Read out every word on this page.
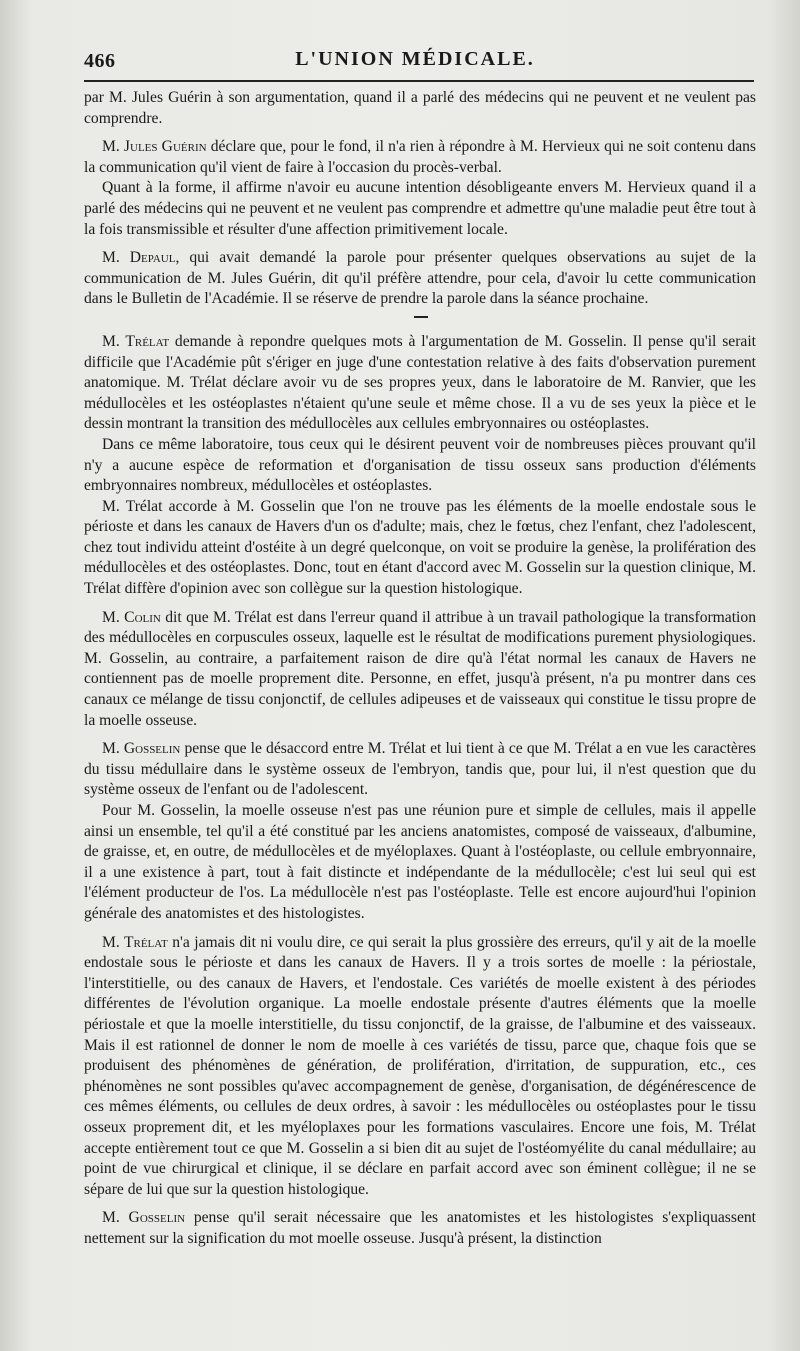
466	L'UNION MÉDICALE.

par M. Jules Guérin à son argumentation, quand il a parlé des médecins qui ne peuvent et ne veulent pas comprendre.

M. Jules Guérin déclare que, pour le fond, il n'a rien à répondre à M. Hervieux qui ne soit contenu dans la communication qu'il vient de faire à l'occasion du procès-verbal.

Quant à la forme, il affirme n'avoir eu aucune intention désobligeante envers M. Hervieux quand il a parlé des médecins qui ne peuvent et ne veulent pas comprendre et admettre qu'une maladie peut être tout à la fois transmissible et résulter d'une affection primitivement locale.

M. Depaul, qui avait demandé la parole pour présenter quelques observations au sujet de la communication de M. Jules Guérin, dit qu'il préfère attendre, pour cela, d'avoir lu cette communication dans le Bulletin de l'Académie. Il se réserve de prendre la parole dans la séance prochaine.

M. Trélat demande à repondre quelques mots à l'argumentation de M. Gosselin. Il pense qu'il serait difficile que l'Académie pût s'ériger en juge d'une contestation relative à des faits d'observation purement anatomique. M. Trélat déclare avoir vu de ses propres yeux, dans le laboratoire de M. Ranvier, que les médullocèles et les ostéoplastes n'étaient qu'une seule et même chose. Il a vu de ses yeux la pièce et le dessin montrant la transition des médullocèles aux cellules embryonnaires ou ostéoplastes.

Dans ce même laboratoire, tous ceux qui le désirent peuvent voir de nombreuses pièces prouvant qu'il n'y a aucune espèce de reformation et d'organisation de tissu osseux sans production d'éléments embryonnaires nombreux, médullocèles et ostéoplastes.

M. Trélat accorde à M. Gosselin que l'on ne trouve pas les éléments de la moelle endostale sous le périoste et dans les canaux de Havers d'un os d'adulte; mais, chez le fœtus, chez l'enfant, chez l'adolescent, chez tout individu atteint d'ostéite à un degré quelconque, on voit se produire la genèse, la prolifération des médullocèles et des ostéoplastes. Donc, tout en étant d'accord avec M. Gosselin sur la question clinique, M. Trélat diffère d'opinion avec son collègue sur la question histologique.

M. Colin dit que M. Trélat est dans l'erreur quand il attribue à un travail pathologique la transformation des médullocèles en corpuscules osseux, laquelle est le résultat de modifications purement physiologiques. M. Gosselin, au contraire, a parfaitement raison de dire qu'à l'état normal les canaux de Havers ne contiennent pas de moelle proprement dite. Personne, en effet, jusqu'à présent, n'a pu montrer dans ces canaux ce mélange de tissu conjonctif, de cellules adipeuses et de vaisseaux qui constitue le tissu propre de la moelle osseuse.

M. Gosselin pense que le désaccord entre M. Trélat et lui tient à ce que M. Trélat a en vue les caractères du tissu médullaire dans le système osseux de l'embryon, tandis que, pour lui, il n'est question que du système osseux de l'enfant ou de l'adolescent.

Pour M. Gosselin, la moelle osseuse n'est pas une réunion pure et simple de cellules, mais il appelle ainsi un ensemble, tel qu'il a été constitué par les anciens anatomistes, composé de vaisseaux, d'albumine, de graisse, et, en outre, de médullocèles et de myéloplaxes. Quant à l'ostéoplaste, ou cellule embryonnaire, il a une existence à part, tout à fait distincte et indépendante de la médullocèle; c'est lui seul qui est l'élément producteur de l'os. La médullocèle n'est pas l'ostéoplaste. Telle est encore aujourd'hui l'opinion générale des anatomistes et des histologistes.

M. Trélat n'a jamais dit ni voulu dire, ce qui serait la plus grossière des erreurs, qu'il y ait de la moelle endostale sous le périoste et dans les canaux de Havers. Il y a trois sortes de moelle : la périostale, l'interstitielle, ou des canaux de Havers, et l'endostale. Ces variétés de moelle existent à des périodes différentes de l'évolution organique. La moelle endostale présente d'autres éléments que la moelle périostale et que la moelle interstitielle, du tissu conjonctif, de la graisse, de l'albumine et des vaisseaux. Mais il est rationnel de donner le nom de moelle à ces variétés de tissu, parce que, chaque fois que se produisent des phénomènes de génération, de prolifération, d'irritation, de suppuration, etc., ces phénomènes ne sont possibles qu'avec accompagnement de genèse, d'organisation, de dégénérescence de ces mêmes éléments, ou cellules de deux ordres, à savoir : les médullocèles ou ostéoplastes pour le tissu osseux proprement dit, et les myéloplaxes pour les formations vasculaires. Encore une fois, M. Trélat accepte entièrement tout ce que M. Gosselin a si bien dit au sujet de l'ostéomyélite du canal médullaire; au point de vue chirurgical et clinique, il se déclare en parfait accord avec son éminent collègue; il ne se sépare de lui que sur la question histologique.

M. Gosselin pense qu'il serait nécessaire que les anatomistes et les histologistes s'expliquassent nettement sur la signification du mot moelle osseuse. Jusqu'à présent, la distinction
